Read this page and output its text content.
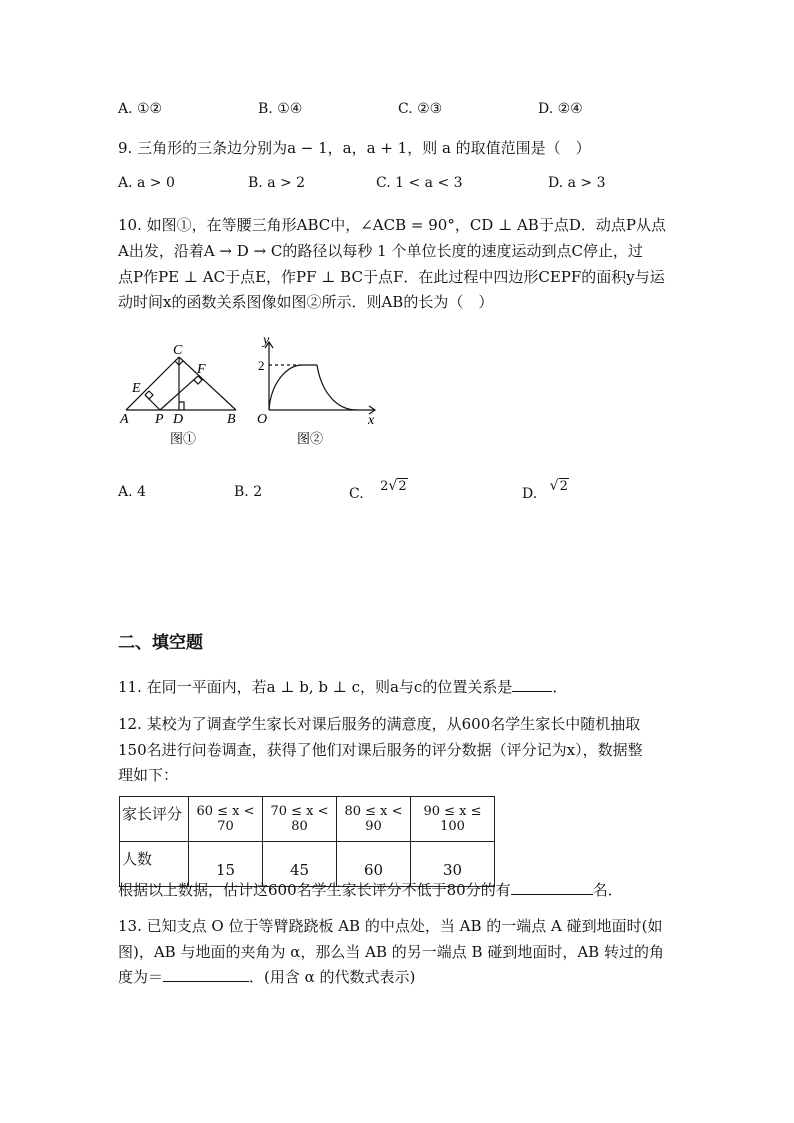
A. ①②	B. ①④	C. ②③	D. ②④
9. 三角形的三条边分别为a − 1，a，a + 1，则 a 的取值范围是（　）
A. a > 0	B. a > 2	C. 1 < a < 3	D. a > 3
10. 如图①，在等腰三角形ABC中，∠ACB = 90°，CD ⊥ AB于点D．动点P从点
A出发，沿着A → D → C的路径以每秒 1 个单位长度的速度运动到点C停止，过
点P作PE ⊥ AC于点E，作PF ⊥ BC于点F．在此过程中四边形CEPF的面积y与运
动时间x的函数关系图像如图②所示．则AB的长为（　）
A	B
C
D
E
F
P
图①
y
x
O
2
图②
A. 4	B. 2	C. 2√2	D. √2
二、填空题
11. 在同一平面内，若a ⊥ b, b ⊥ c，则a与c的位置关系是	．
12. 某校为了调查学生家长对课后服务的满意度，从600名学生家长中随机抽取
150名进行问卷调查，获得了他们对课后服务的评分数据（评分记为x），数据整
理如下：
家长评分	60 ≤ x < 70	70 ≤ x < 80	80 ≤ x < 90	90 ≤ x ≤ 100
人数	15	45	60	30
根据以上数据，估计这600名学生家长评分不低于80分的有	名．
13. 已知支点 O 位于等臂跷跷板 AB 的中点处，当 AB 的一端点 A 碰到地面时(如
图)，AB 与地面的夹角为 α，那么当 AB 的另一端点 B 碰到地面时，AB 转过的角
度为＝	．(用含 α 的代数式表示)
